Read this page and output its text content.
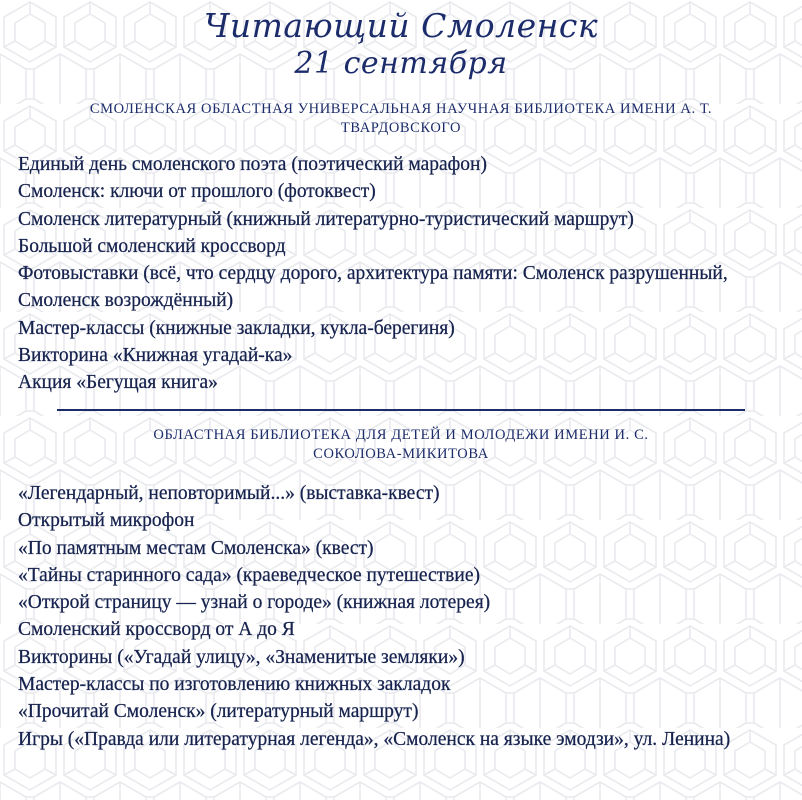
Читающий Смоленск
21 сентября
СМОЛЕНСКАЯ ОБЛАСТНАЯ УНИВЕРСАЛЬНАЯ НАУЧНАЯ БИБЛИОТЕКА ИМЕНИ А. Т. ТВАРДОВСКОГО
Единый день смоленского поэта (поэтический марафон)
Смоленск: ключи от прошлого (фотоквест)
Смоленск литературный (книжный литературно-туристический маршрут)
Большой смоленский кроссворд
Фотовыставки (всё, что сердцу дорого, архитектура памяти: Смоленск разрушенный, Смоленск возрождённый)
Мастер-классы (книжные закладки, кукла-берегиня)
Викторина «Книжная угадай-ка»
Акция «Бегущая книга»
ОБЛАСТНАЯ БИБЛИОТЕКА ДЛЯ ДЕТЕЙ И МОЛОДЕЖИ ИМЕНИ И. С. СОКОЛОВА-МИКИТОВА
«Легендарный, неповторимый...» (выставка-квест)
Открытый микрофон
«По памятным местам Смоленска» (квест)
«Тайны старинного сада» (краеведческое путешествие)
«Открой страницу — узнай о городе» (книжная лотерея)
Смоленский кроссворд от А до Я
Викторины («Угадай улицу», «Знаменитые земляки»)
Мастер-классы по изготовлению книжных закладок
«Прочитай Смоленск» (литературный маршрут)
Игры («Правда или литературная легенда», «Смоленск на языке эмодзи», ул. Ленина)
